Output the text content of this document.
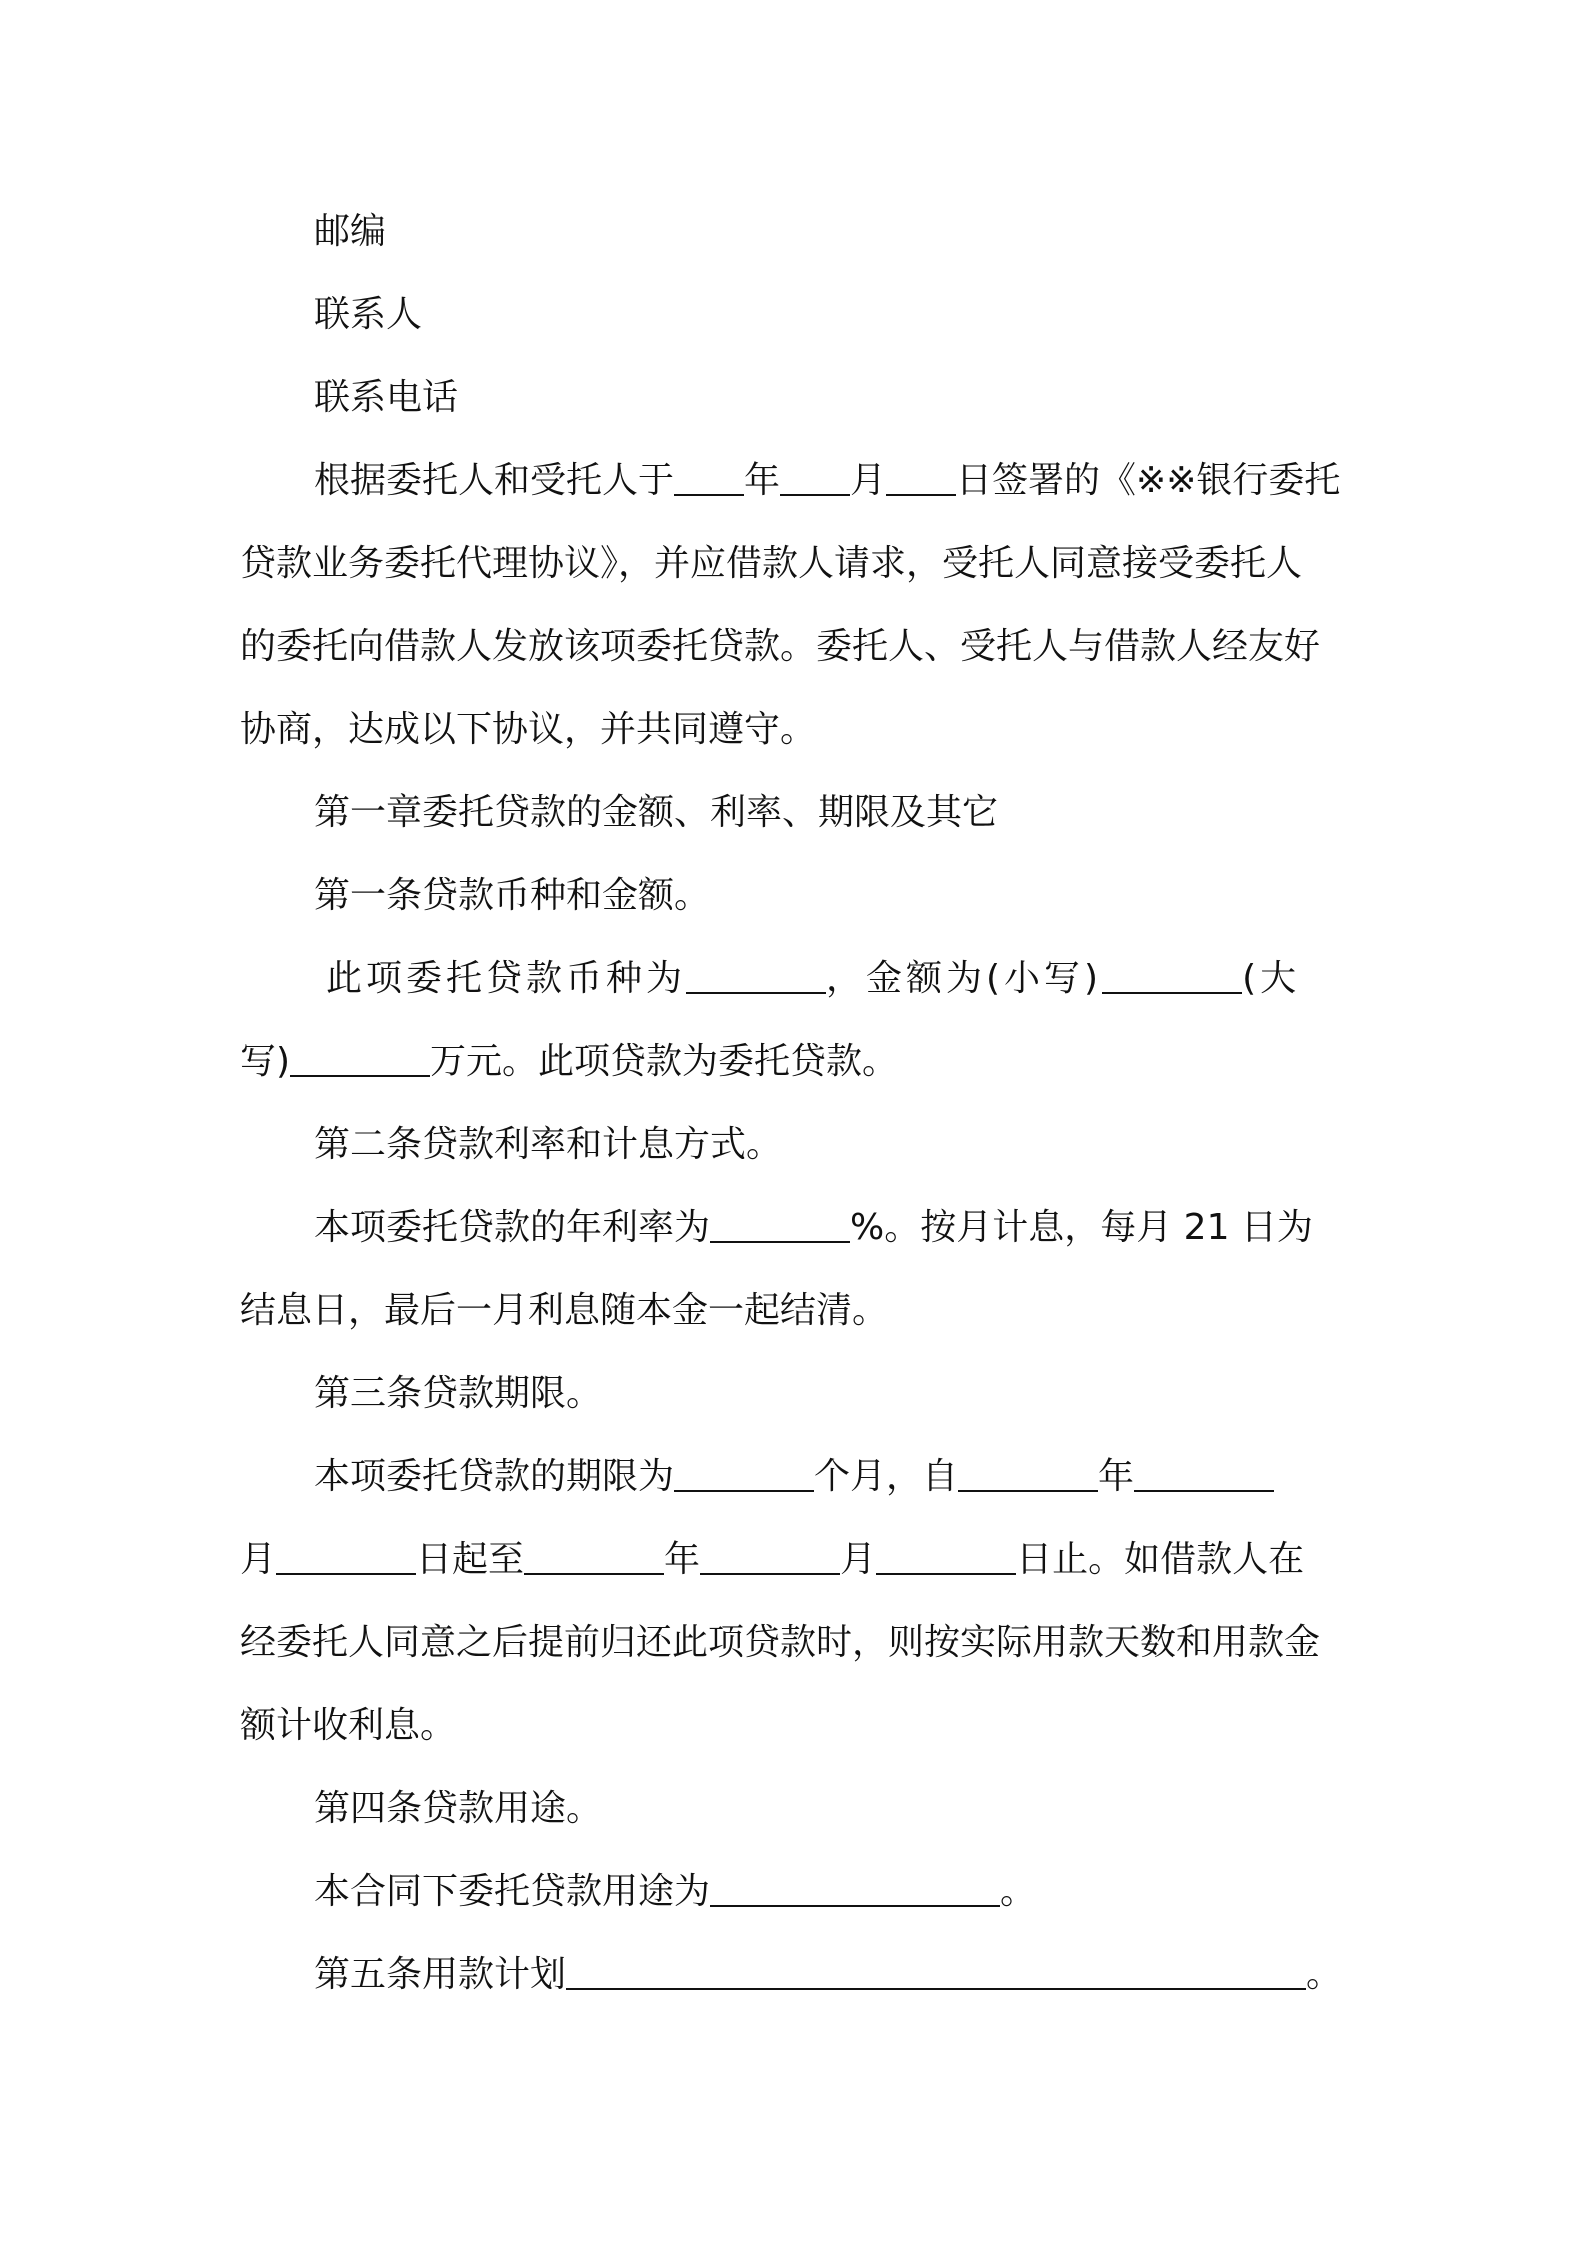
邮编
联系人
联系电话
根据委托人和受托人于 年 月 日签署的《※※银行委托
贷款业务委托代理协议》，并应借款人请求，受托人同意接受委托人
的委托向借款人发放该项委托贷款。委托人、受托人与借款人经友好
协商，达成以下协议，并共同遵守。
第一章委托贷款的金额、利率、期限及其它
第一条贷款币种和金额。
此项委托贷款币种为	，金额为(小写)	(大
写)	万元。此项贷款为委托贷款。
第二条贷款利率和计息方式。
本项委托贷款的年利率为	%。按月计息，每月 21 日为
结息日，最后一月利息随本金一起结清。
第三条贷款期限。
本项委托贷款的期限为	个月，自	年
月	日起至	年	月	日止。如借款人在
经委托人同意之后提前归还此项贷款时，则按实际用款天数和用款金
额计收利息。
第四条贷款用途。
本合同下委托贷款用途为	。
第五条用款计划	。
